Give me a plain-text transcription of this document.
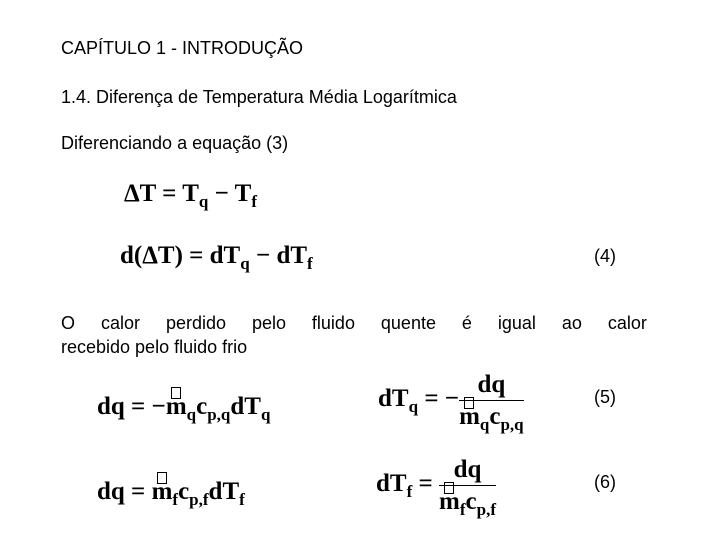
CAPÍTULO 1 - INTRODUÇÃO
1.4. Diferença de Temperatura Média Logarítmica
Diferenciando a equação (3)
$\Delta T = T_q - T_f$
$d(\Delta T) = dT_q - dT_f$	(4)
O calor perdido pelo fluido quente é igual ao calor
recebido pelo fluido frio
dq = −
$m_qc_{p,q}dT_q$
$dT_q$ = − $\frac{dq}{m_qc_{p,q}}$	(5)
dq =
$m_fc_{p,f}dT_f$
$dT_f = \frac{dq}{m_fc_{p,f}}$	(6)
